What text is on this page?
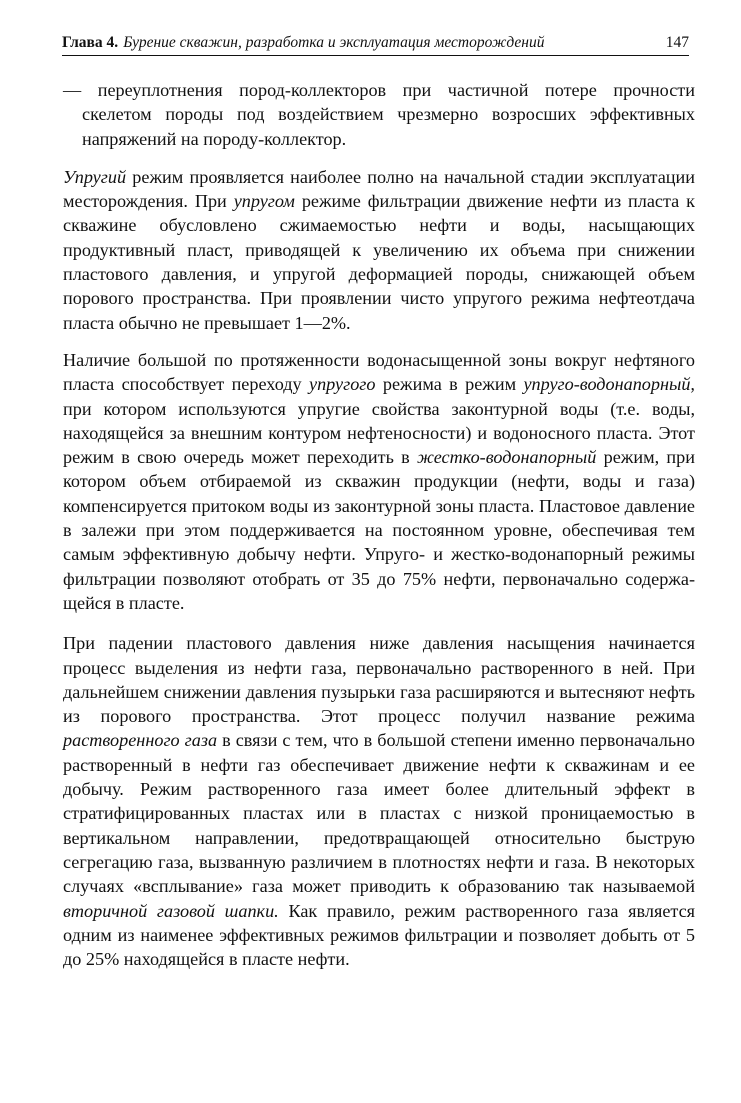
Глава 4. Бурение скважин, разработка и эксплуатация месторождений	147

— переуплотнения пород-коллекторов при частичной потере прочности скелетом породы под воздействием чрезмерно возросших эффективных напряжений на породу-коллектор.

Упругий режим проявляется наиболее полно на начальной стадии эксплуатации месторождения. При упругом режиме фильтрации движение нефти из пласта к скважине обусловлено сжимаемостью нефти и воды, насыщающих продуктивный пласт, приводящей к увеличению их объема при снижении пластового давления, и упругой деформацией породы, снижающей объем порового пространства. При проявлении чисто упругого режима нефтеотдача пласта обычно не превышает 1—2%.

Наличие большой по протяженности водонасыщенной зоны вокруг нефтяного пласта способствует переходу упругого режима в режим упруго-водонапорный, при котором используются упругие свойства законтурной воды (т.е. воды, находящейся за внешним контуром нефтеносности) и водоносного пласта. Этот режим в свою очередь может переходить в жестко-водонапорный режим, при котором объем отбираемой из скважин продукции (нефти, воды и газа) компенсируется притоком воды из законтурной зоны пласта. Пластовое давление в залежи при этом поддерживается на постоянном уровне, обеспечивая тем самым эффективную добычу нефти. Упруго- и жестко-водонапорный режимы фильтрации позволяют отобрать от 35 до 75% нефти, первоначально содержащейся в пласте.

При падении пластового давления ниже давления насыщения начинается процесс выделения из нефти газа, первоначально растворенного в ней. При дальнейшем снижении давления пузырьки газа расширяются и вытесняют нефть из порового пространства. Этот процесс получил название режима растворенного газа в связи с тем, что в большой степени именно первоначально растворенный в нефти газ обеспечивает движение нефти к скважинам и ее добычу. Режим растворенного газа имеет более длительный эффект в стратифицированных пластах или в пластах с низкой проницаемостью в вертикальном направлении, предотвращающей относительно быструю сегрегацию газа, вызванную различием в плотностях нефти и газа. В некоторых случаях «всплывание» газа может приводить к образованию так называемой вторичной газовой шапки. Как правило, режим растворенного газа является одним из наименее эффективных режимов фильтрации и позволяет добыть от 5 до 25% находящейся в пласте нефти.
